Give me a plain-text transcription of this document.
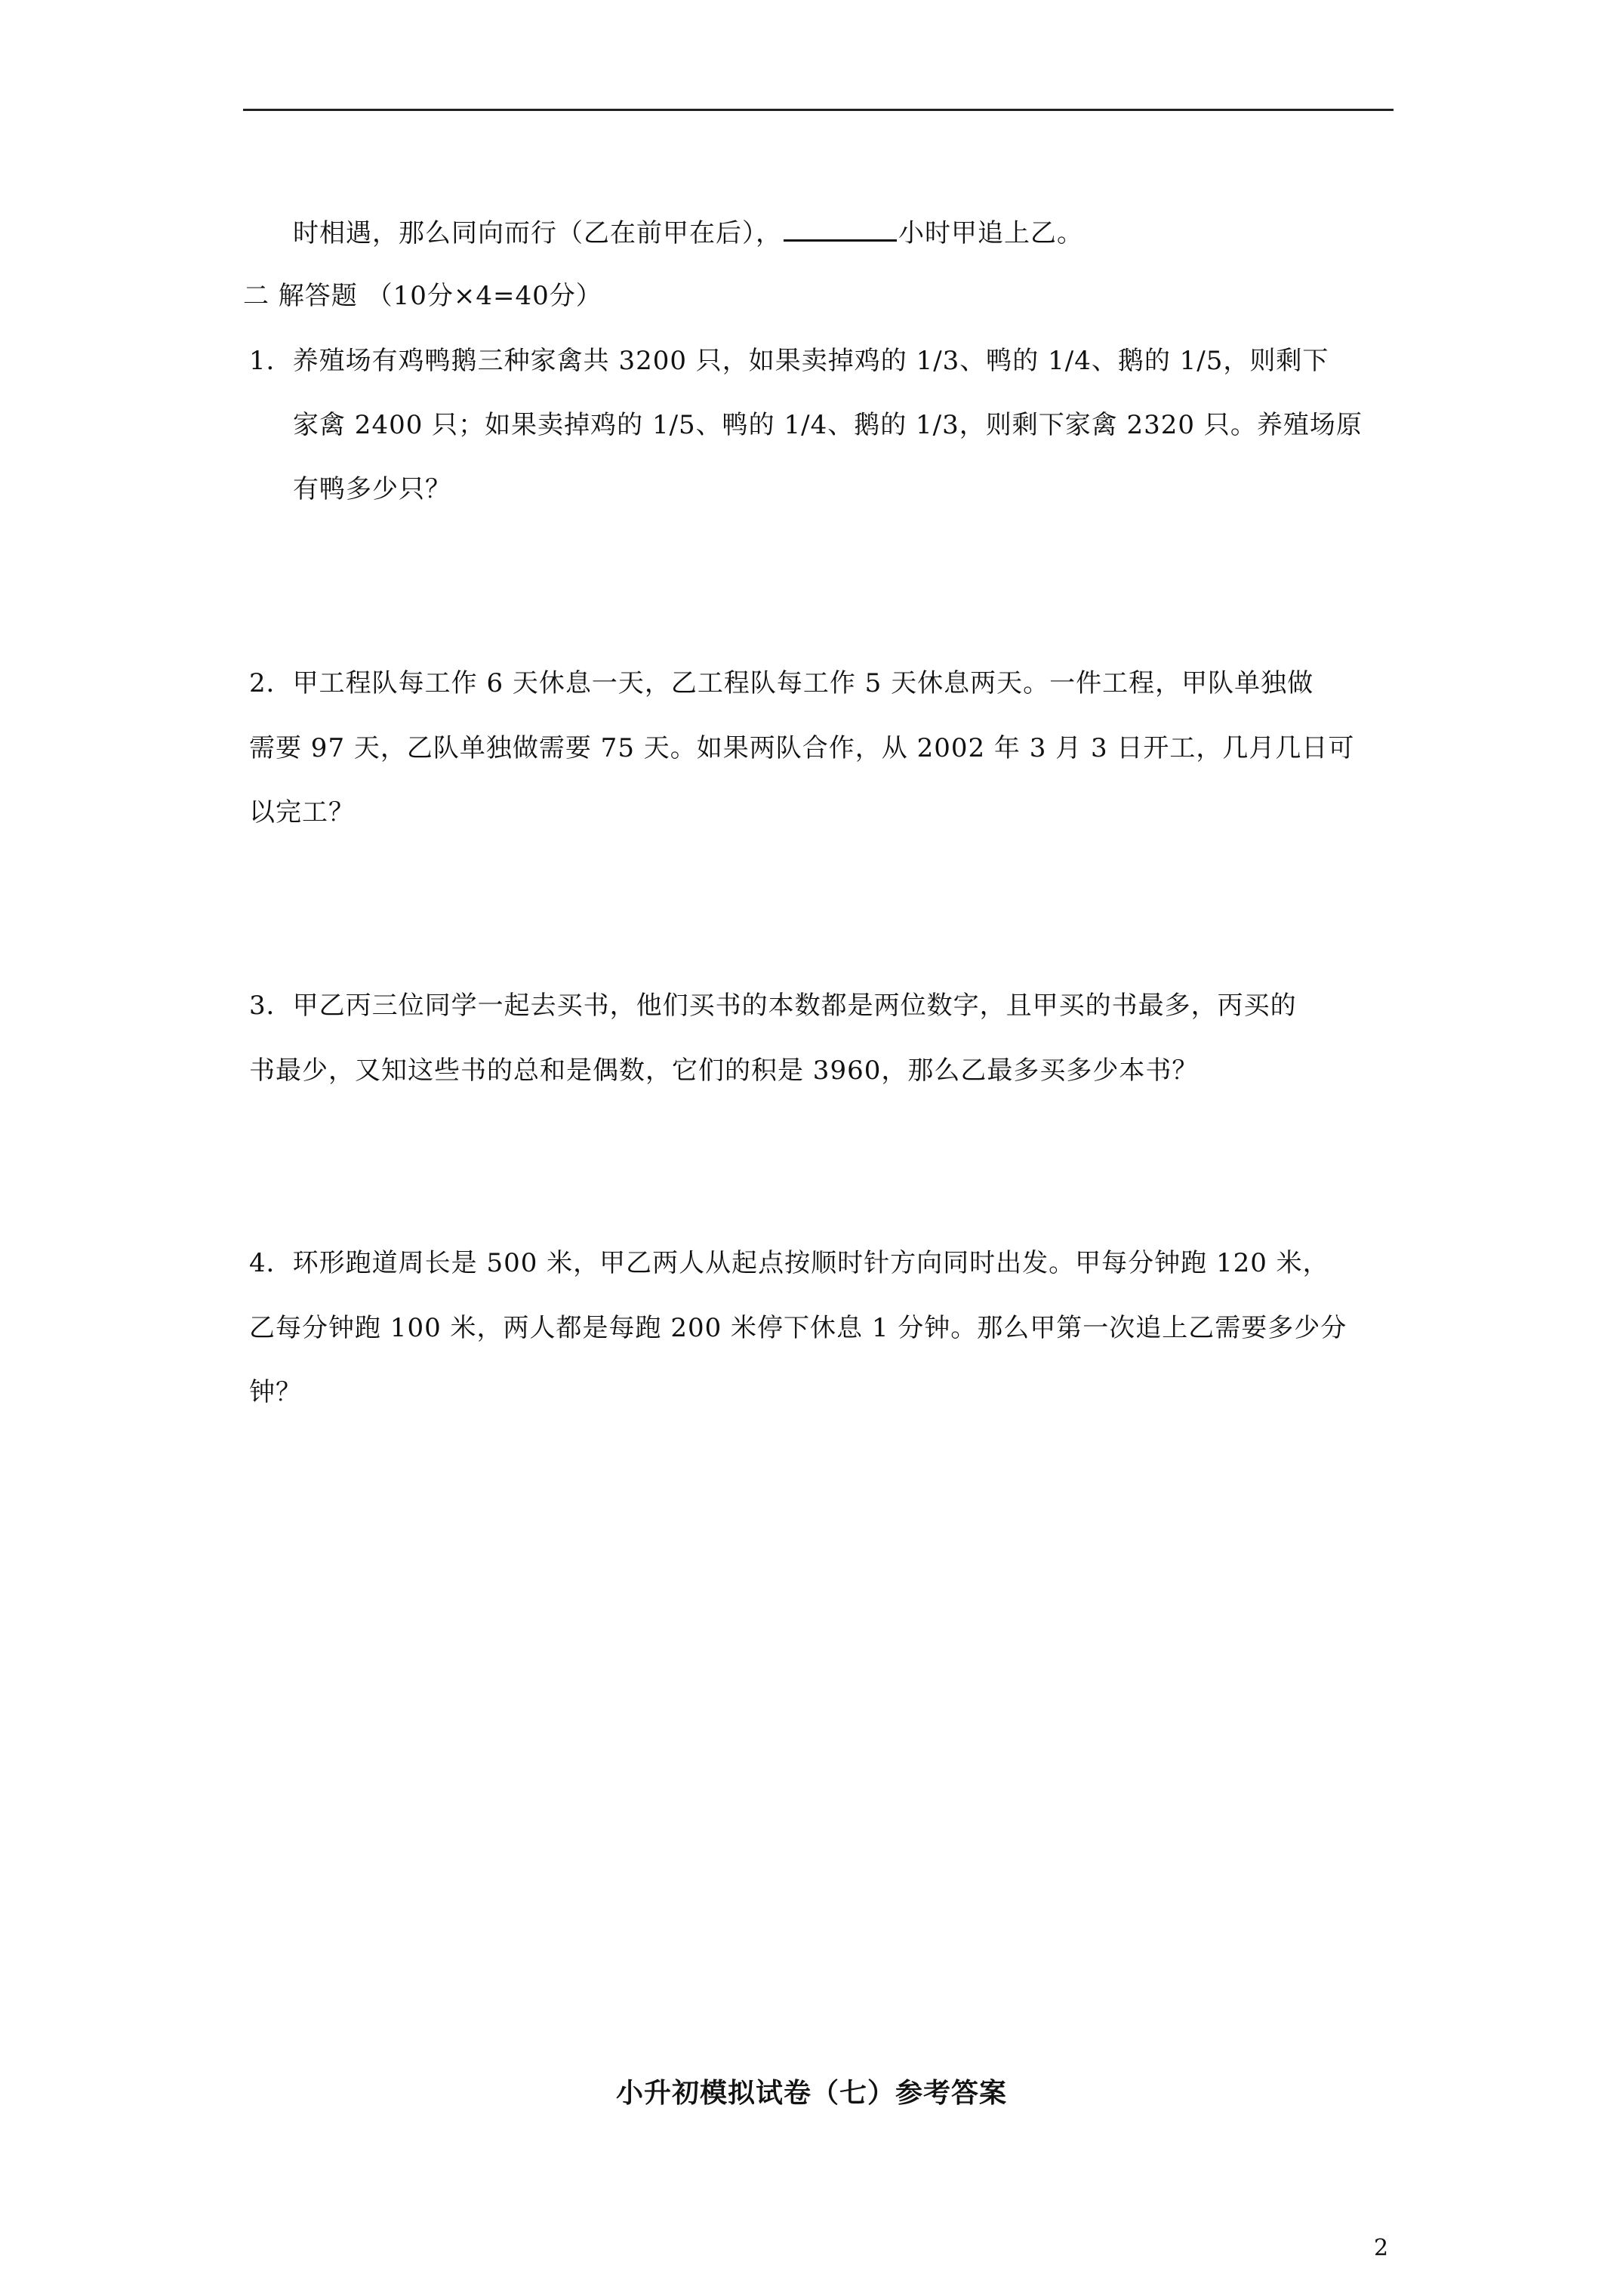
时相遇，那么同向而行（乙在前甲在后），	小时甲追上乙。
二 解答题 （10分×4=40分）
1．养殖场有鸡鸭鹅三种家禽共 3200 只，如果卖掉鸡的 1/3、鸭的 1/4、鹅的 1/5，则剩下
家禽 2400 只；如果卖掉鸡的 1/5、鸭的 1/4、鹅的 1/3，则剩下家禽 2320 只。养殖场原
有鸭多少只？
2．甲工程队每工作 6 天休息一天，乙工程队每工作 5 天休息两天。一件工程，甲队单独做
需要 97 天，乙队单独做需要 75 天。如果两队合作，从 2002 年 3 月 3 日开工，几月几日可
以完工？
3．甲乙丙三位同学一起去买书，他们买书的本数都是两位数字，且甲买的书最多，丙买的
书最少，又知这些书的总和是偶数，它们的积是 3960，那么乙最多买多少本书？
4．环形跑道周长是 500 米，甲乙两人从起点按顺时针方向同时出发。甲每分钟跑 120 米，
乙每分钟跑 100 米，两人都是每跑 200 米停下休息 1 分钟。那么甲第一次追上乙需要多少分
钟？
小升初模拟试卷（七）参考答案
2
